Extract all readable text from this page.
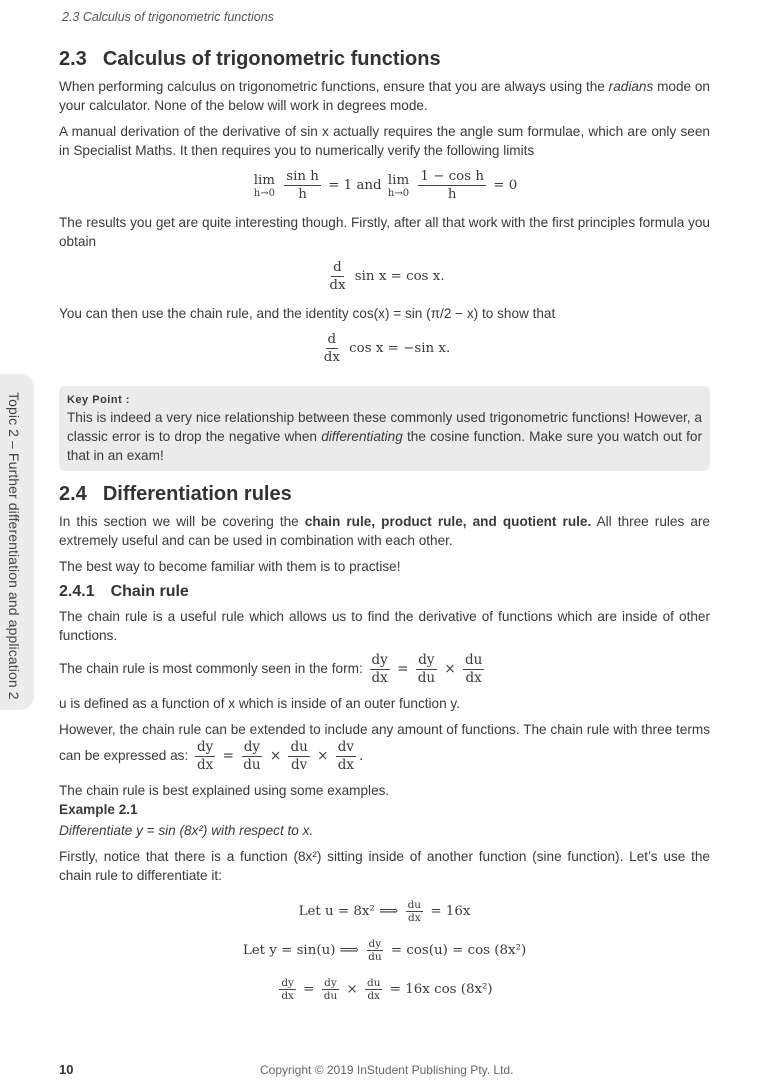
2.3 Calculus of trigonometric functions
Topic 2 – Further differentiation and application 2
2.3 Calculus of trigonometric functions

When performing calculus on trigonometric functions, ensure that you are always using the radians mode on your calculator. None of the below will work in degrees mode.

A manual derivation of the derivative of sin x actually requires the angle sum formulae, which are only seen in Specialist Maths. It then requires you to numerically verify the following limits

lim
h→0
$\frac{\text{sin h}}{h} = 1$ and lim
h→0
$\frac{\text{1 − cos h}}{h} = 0$

The results you get are quite interesting though. Firstly, after all that work with the first principles formula you obtain

$\frac{d}{dx}$ sin x = cos x.

You can then use the chain rule, and the identity cos(x) = sin (π/2 − x) to show that

$\frac{d}{dx}$ cos x = −sin x.
Key Point :

This is indeed a very nice relationship between these commonly used trigonometric functions! However, a classic error is to drop the negative when differentiating the cosine function. Make sure you watch out for that in an exam!

2.4 Differentiation rules

In this section we will be covering the chain rule, product rule, and quotient rule. All three rules are extremely useful and can be used in combination with each other.

The best way to become familiar with them is to practise!

2.4.1 Chain rule

The chain rule is a useful rule which allows us to find the derivative of functions which are inside of other functions.

The chain rule is most commonly seen in the form: $\frac{dy}{dx} = \frac{dy}{du} \times \frac{du}{dx}$

u is defined as a function of x which is inside of an outer function y.

However, the chain rule can be extended to include any amount of functions. The chain rule with three terms can be expressed as: $\frac{dy}{dx} = \frac{dy}{du} \times \frac{du}{dv} \times \frac{dv}{dx}$ .

The chain rule is best explained using some examples.

Example 2.1

Differentiate y = sin (8x²) with respect to x.

Firstly, notice that there is a function (8x²) sitting inside of another function (sine function). Let’s use the chain rule to differentiate it:

Let u = 8x² ⟹ $\frac{du}{dx} = 16x$
Let y = sin(u) ⟹ $\frac{dy}{du} = \cos(u) = \cos (8x^2)$
$\frac{dy}{dx} = \frac{dy}{du} \times \frac{du}{dx} = 16x$ cos (8x²)
10	Copyright © 2019 InStudent Publishing Pty. Ltd.
